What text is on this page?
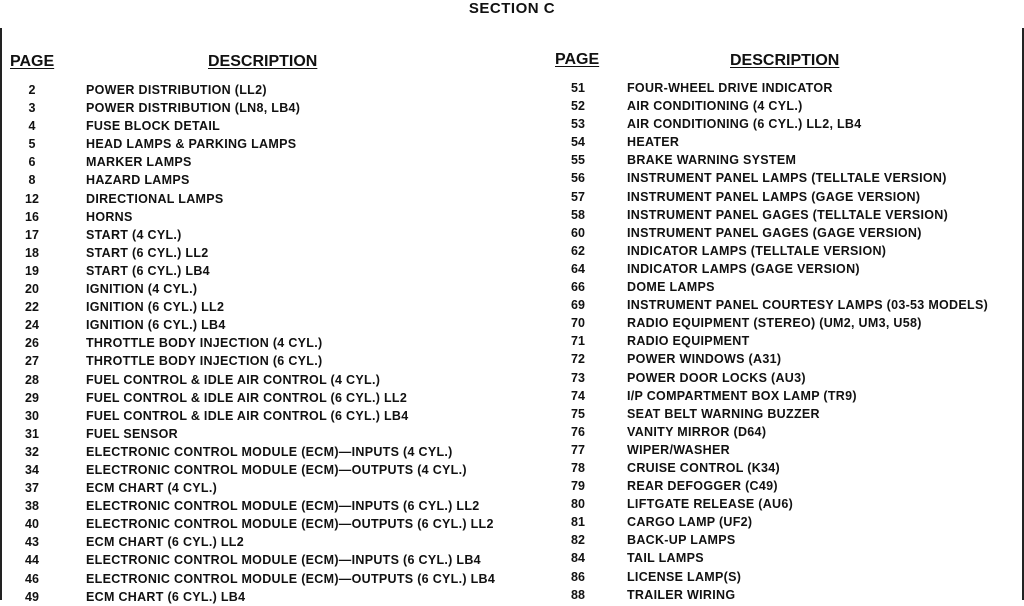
SECTION C
PAGE	DESCRIPTION	PAGE	DESCRIPTION
2	POWER DISTRIBUTION (LL2)
3	POWER DISTRIBUTION (LN8, LB4)
4	FUSE BLOCK DETAIL
5	HEAD LAMPS & PARKING LAMPS
6	MARKER LAMPS
8	HAZARD LAMPS
12	DIRECTIONAL LAMPS
16	HORNS
17	START (4 CYL.)
18	START (6 CYL.) LL2
19	START (6 CYL.) LB4
20	IGNITION (4 CYL.)
22	IGNITION (6 CYL.) LL2
24	IGNITION (6 CYL.) LB4
26	THROTTLE BODY INJECTION (4 CYL.)
27	THROTTLE BODY INJECTION (6 CYL.)
28	FUEL CONTROL & IDLE AIR CONTROL (4 CYL.)
29	FUEL CONTROL & IDLE AIR CONTROL (6 CYL.) LL2
30	FUEL CONTROL & IDLE AIR CONTROL (6 CYL.) LB4
31	FUEL SENSOR
32	ELECTRONIC CONTROL MODULE (ECM)—INPUTS (4 CYL.)
34	ELECTRONIC CONTROL MODULE (ECM)—OUTPUTS (4 CYL.)
37	ECM CHART (4 CYL.)
38	ELECTRONIC CONTROL MODULE (ECM)—INPUTS (6 CYL.) LL2
40	ELECTRONIC CONTROL MODULE (ECM)—OUTPUTS (6 CYL.) LL2
43	ECM CHART (6 CYL.) LL2
44	ELECTRONIC CONTROL MODULE (ECM)—INPUTS (6 CYL.) LB4
46	ELECTRONIC CONTROL MODULE (ECM)—OUTPUTS (6 CYL.) LB4
49	ECM CHART (6 CYL.) LB4
51	FOUR-WHEEL DRIVE INDICATOR
52	AIR CONDITIONING (4 CYL.)
53	AIR CONDITIONING (6 CYL.) LL2, LB4
54	HEATER
55	BRAKE WARNING SYSTEM
56	INSTRUMENT PANEL LAMPS (TELLTALE VERSION)
57	INSTRUMENT PANEL LAMPS (GAGE VERSION)
58	INSTRUMENT PANEL GAGES (TELLTALE VERSION)
60	INSTRUMENT PANEL GAGES (GAGE VERSION)
62	INDICATOR LAMPS (TELLTALE VERSION)
64	INDICATOR LAMPS (GAGE VERSION)
66	DOME LAMPS
69	INSTRUMENT PANEL COURTESY LAMPS (03-53 MODELS)
70	RADIO EQUIPMENT (STEREO) (UM2, UM3, U58)
71	RADIO EQUIPMENT
72	POWER WINDOWS (A31)
73	POWER DOOR LOCKS (AU3)
74	I/P COMPARTMENT BOX LAMP (TR9)
75	SEAT BELT WARNING BUZZER
76	VANITY MIRROR (D64)
77	WIPER/WASHER
78	CRUISE CONTROL (K34)
79	REAR DEFOGGER (C49)
80	LIFTGATE RELEASE (AU6)
81	CARGO LAMP (UF2)
82	BACK-UP LAMPS
84	TAIL LAMPS
86	LICENSE LAMP(S)
88	TRAILER WIRING
